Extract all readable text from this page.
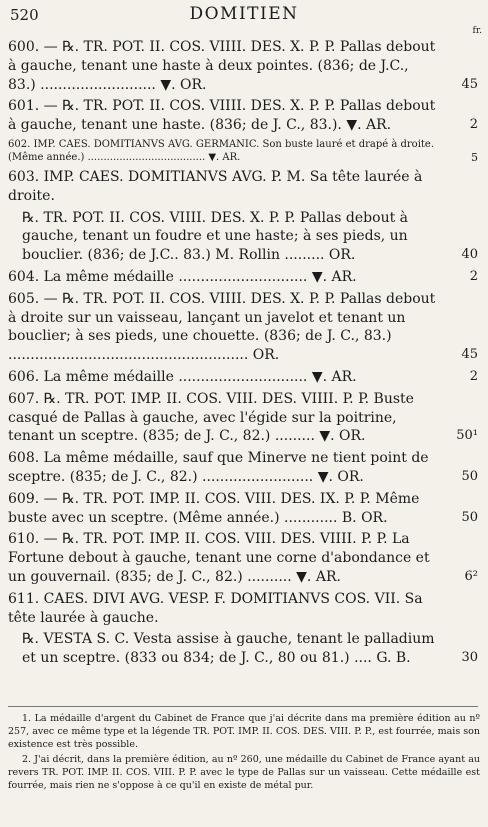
520	DOMITIEN
fr.
600. — ℞. TR. POT. II. COS. VIIII. DES. X. P. P. Pallas debout à gauche, tenant une haste à deux pointes. (836; de J.C., 83.) .......................... ▼. OR.	45
601. — ℞. TR. POT. II. COS. VIIII. DES. X. P. P. Pallas debout à gauche, tenant une haste. (836; de J. C., 83.). ▼. AR.	2
602. IMP. CAES. DOMITIANVS AVG. GERMANIC. Son buste lauré et drapé à droite. (Même année.) ..................................... ▼. AR.	5
603. IMP. CAES. DOMITIANVS AVG. P. M. Sa tête laurée à droite.
℞. TR. POT. II. COS. VIIII. DES. X. P. P. Pallas debout à gauche, tenant un foudre et une haste; à ses pieds, un bouclier. (836; de J.C.. 83.) M. Rollin ......... OR.	40
604. La même médaille ............................. ▼. AR.	2
605. — ℞. TR. POT. II. COS. VIIII. DES. X. P. P. Pallas debout à droite sur un vaisseau, lançant un javelot et tenant un bouclier; à ses pieds, une chouette. (836; de J. C., 83.) ...................................................... OR.	45
606. La même médaille ............................. ▼. AR.	2
607. ℞. TR. POT. IMP. II. COS. VIII. DES. VIIII. P. P. Buste casqué de Pallas à gauche, avec l'égide sur la poitrine, tenant un sceptre. (835; de J. C., 82.) ......... ▼. OR.	50¹
608. La même médaille, sauf que Minerve ne tient point de sceptre. (835; de J. C., 82.) ......................... ▼. OR.	50
609. — ℞. TR. POT. IMP. II. COS. VIII. DES. IX. P. P. Même buste avec un sceptre. (Même année.) ............ B. OR.	50
610. — ℞. TR. POT. IMP. II. COS. VIII. DES. VIIII. P. P. La Fortune debout à gauche, tenant une corne d'abondance et un gouvernail. (835; de J. C., 82.) .......... ▼. AR.	6²
611. CAES. DIVI AVG. VESP. F. DOMITIANVS COS. VII. Sa tête laurée à gauche.
℞. VESTA S. C. Vesta assise à gauche, tenant le palladium et un sceptre. (833 ou 834; de J. C., 80 ou 81.) .... G. B.	30

1. La médaille d'argent du Cabinet de France que j'ai décrite dans ma première édition au nº 257, avec ce même type et la légende TR. POT. IMP. II. COS. DES. VIII. P. P., est fourrée, mais son existence est très possible.

2. J'ai décrit, dans la première édition, au nº 260, une médaille du Cabinet de France ayant au revers TR. POT. IMP. II. COS. VIII. P. P. avec le type de Pallas sur un vaisseau. Cette médaille est fourrée, mais rien ne s'oppose à ce qu'il en existe de métal pur.
